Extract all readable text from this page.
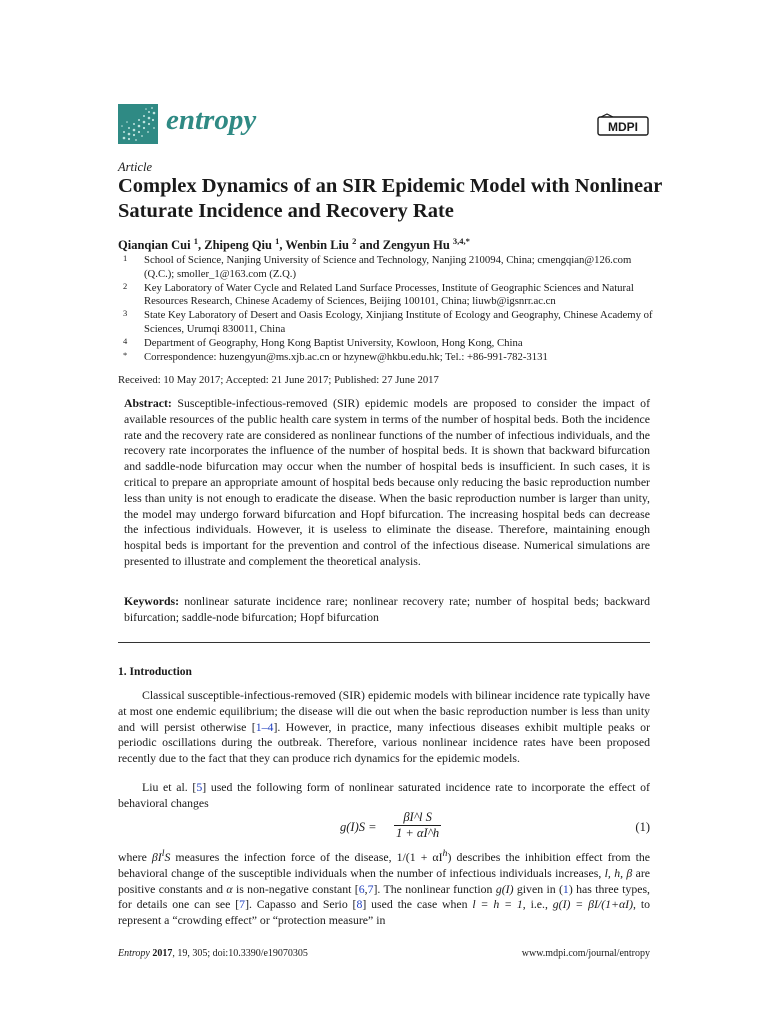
entropy	MDPI
Article
Complex Dynamics of an SIR Epidemic Model with Nonlinear Saturate Incidence and Recovery Rate
Qianqian Cui $^1$, Zhipeng Qiu $^1$, Wenbin Liu $^2$ and Zengyun Hu $^{3,4,*}$
1 School of Science, Nanjing University of Science and Technology, Nanjing 210094, China; cmengqian@126.com (Q.C.); smoller_1@163.com (Z.Q.)
2 Key Laboratory of Water Cycle and Related Land Surface Processes, Institute of Geographic Sciences and Natural Resources Research, Chinese Academy of Sciences, Beijing 100101, China; liuwb@igsnrr.ac.cn
3 State Key Laboratory of Desert and Oasis Ecology, Xinjiang Institute of Ecology and Geography, Chinese Academy of Sciences, Urumqi 830011, China
4 Department of Geography, Hong Kong Baptist University, Kowloon, Hong Kong, China
* Correspondence: huzengyun@ms.xjb.ac.cn or hzynew@hkbu.edu.hk; Tel.: +86-991-782-3131
Received: 10 May 2017; Accepted: 21 June 2017; Published: 27 June 2017

Abstract: Susceptible-infectious-removed (SIR) epidemic models are proposed to consider the impact of available resources of the public health care system in terms of the number of hospital beds. Both the incidence rate and the recovery rate are considered as nonlinear functions of the number of infectious individuals, and the recovery rate incorporates the influence of the number of hospital beds. It is shown that backward bifurcation and saddle-node bifurcation may occur when the number of hospital beds is insufficient. In such cases, it is critical to prepare an appropriate amount of hospital beds because only reducing the basic reproduction number less than unity is not enough to eradicate the disease. When the basic reproduction number is larger than unity, the model may undergo forward bifurcation and Hopf bifurcation. The increasing hospital beds can decrease the infectious individuals. However, it is useless to eliminate the disease. Therefore, maintaining enough hospital beds is important for the prevention and control of the infectious disease. Numerical simulations are presented to illustrate and complement the theoretical analysis.

Keywords: nonlinear saturate incidence rare; nonlinear recovery rate; number of hospital beds; backward bifurcation; saddle-node bifurcation; Hopf bifurcation

1. Introduction

Classical susceptible-infectious-removed (SIR) epidemic models with bilinear incidence rate typically have at most one endemic equilibrium; the disease will die out when the basic reproduction number is less than unity and will persist otherwise [1–4]. However, in practice, many infectious diseases exhibit multiple peaks or periodic oscillations during the outbreak. Therefore, various nonlinear incidence rates have been proposed recently due to the fact that they can produce rich dynamics for the epidemic models.

Liu et al. [5] used the following form of nonlinear saturated incidence rate to incorporate the effect of behavioral changes

$g(I)S = \frac{\text{βI\textasciicircum{}l S}}{1 + \alpha I\^{}h}$	(1)

where $\beta I^lS$ measures the infection force of the disease, $1/(1 + \alpha I^h)$ describes the inhibition effect from the behavioral change of the susceptible individuals when the number of infectious individuals increases, l, h, β are positive constants and α is non-negative constant [6,7]. The nonlinear function g(I) given in (1) has three types, for details one can see [7]. Capasso and Serio [8] used the case when l = h = 1, i.e., g(I) = βI/(1+αI), to represent a “crowding effect” or “protection measure” in

Entropy 2017, 19, 305; doi:10.3390/e19070305	www.mdpi.com/journal/entropy
